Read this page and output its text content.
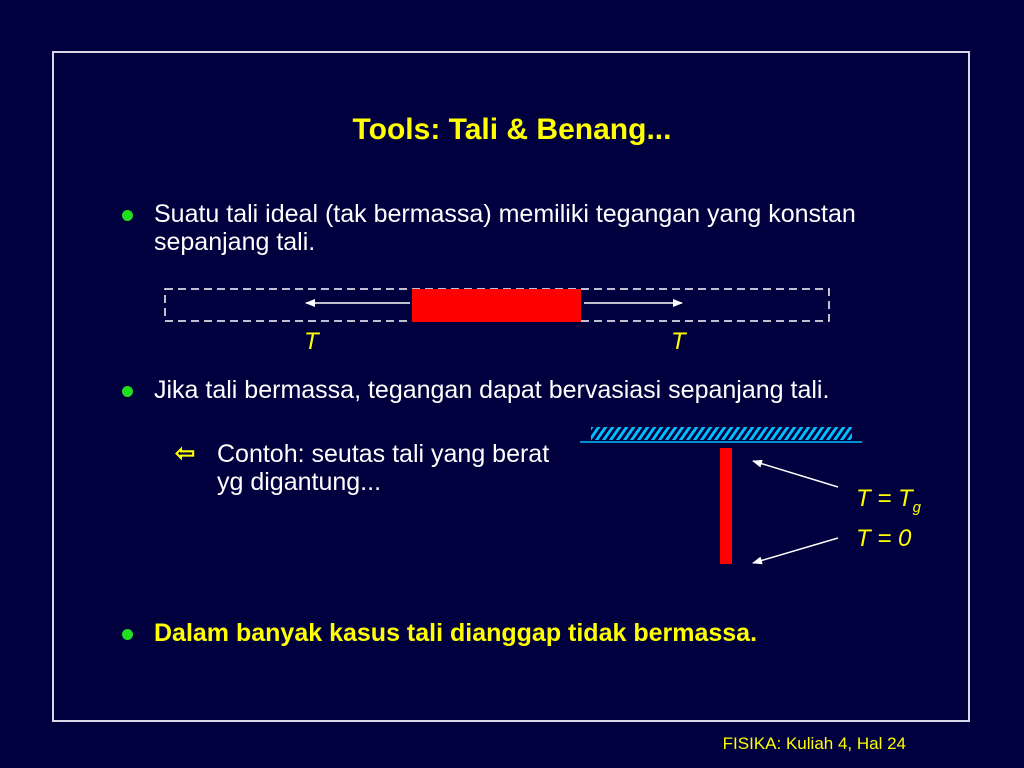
Tools: Tali & Benang...
Suatu tali ideal (tak bermassa) memiliki tegangan yang konstan sepanjang tali.
T	T
Jika tali bermassa, tegangan dapat bervasiasi sepanjang tali.
⇦ Contoh: seutas tali yang berat yg digantung...
$T = T_g$
T = 0
Dalam banyak kasus tali dianggap tidak bermassa.
FISIKA: Kuliah 4, Hal 24
